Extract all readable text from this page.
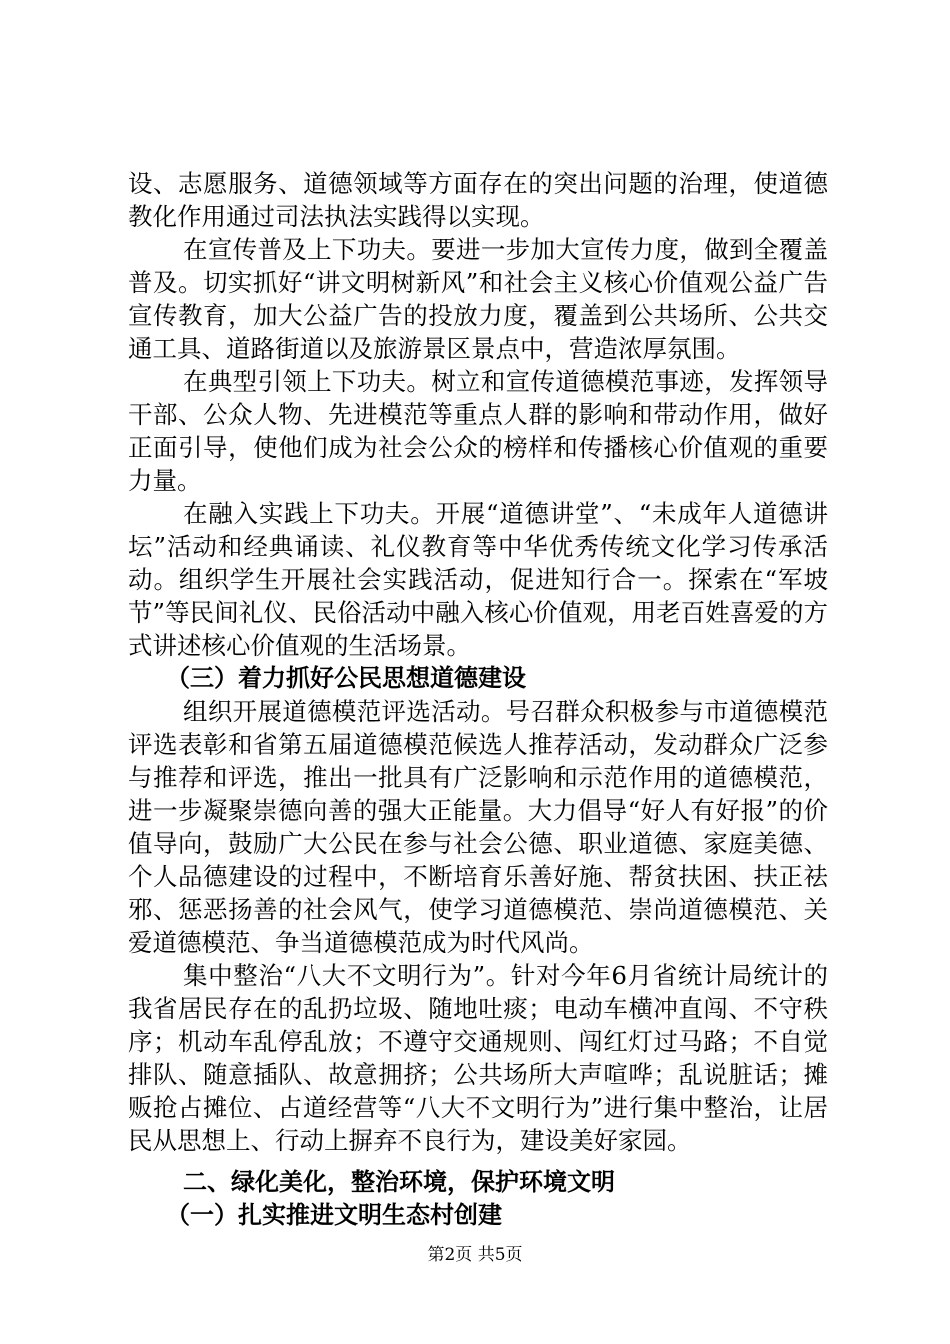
设、志愿服务、道德领域等方面存在的突出问题的治理，使道德教化作用通过司法执法实践得以实现。

在宣传普及上下功夫。要进一步加大宣传力度，做到全覆盖普及。切实抓好“讲文明树新风”和社会主义核心价值观公益广告宣传教育，加大公益广告的投放力度，覆盖到公共场所、公共交通工具、道路街道以及旅游景区景点中，营造浓厚氛围。

在典型引领上下功夫。树立和宣传道德模范事迹，发挥领导干部、公众人物、先进模范等重点人群的影响和带动作用，做好正面引导，使他们成为社会公众的榜样和传播核心价值观的重要力量。

在融入实践上下功夫。开展“道德讲堂”、“未成年人道德讲坛”活动和经典诵读、礼仪教育等中华优秀传统文化学习传承活动。组织学生开展社会实践活动，促进知行合一。探索在“军坡节”等民间礼仪、民俗活动中融入核心价值观，用老百姓喜爱的方式讲述核心价值观的生活场景。

（三）着力抓好公民思想道德建设

组织开展道德模范评选活动。号召群众积极参与市道德模范评选表彰和省第五届道德模范候选人推荐活动，发动群众广泛参与推荐和评选，推出一批具有广泛影响和示范作用的道德模范，进一步凝聚崇德向善的强大正能量。大力倡导“好人有好报”的价值导向，鼓励广大公民在参与社会公德、职业道德、家庭美德、个人品德建设的过程中，不断培育乐善好施、帮贫扶困、扶正祛邪、惩恶扬善的社会风气，使学习道德模范、崇尚道德模范、关爱道德模范、争当道德模范成为时代风尚。

集中整治“八大不文明行为”。针对今年6月省统计局统计的我省居民存在的乱扔垃圾、随地吐痰；电动车横冲直闯、不守秩序；机动车乱停乱放；不遵守交通规则、闯红灯过马路；不自觉排队、随意插队、故意拥挤；公共场所大声喧哗；乱说脏话；摊贩抢占摊位、占道经营等“八大不文明行为”进行集中整治，让居民从思想上、行动上摒弃不良行为，建设美好家园。

二、绿化美化，整治环境，保护环境文明

（一）扎实推进文明生态村创建

第2页 共5页
